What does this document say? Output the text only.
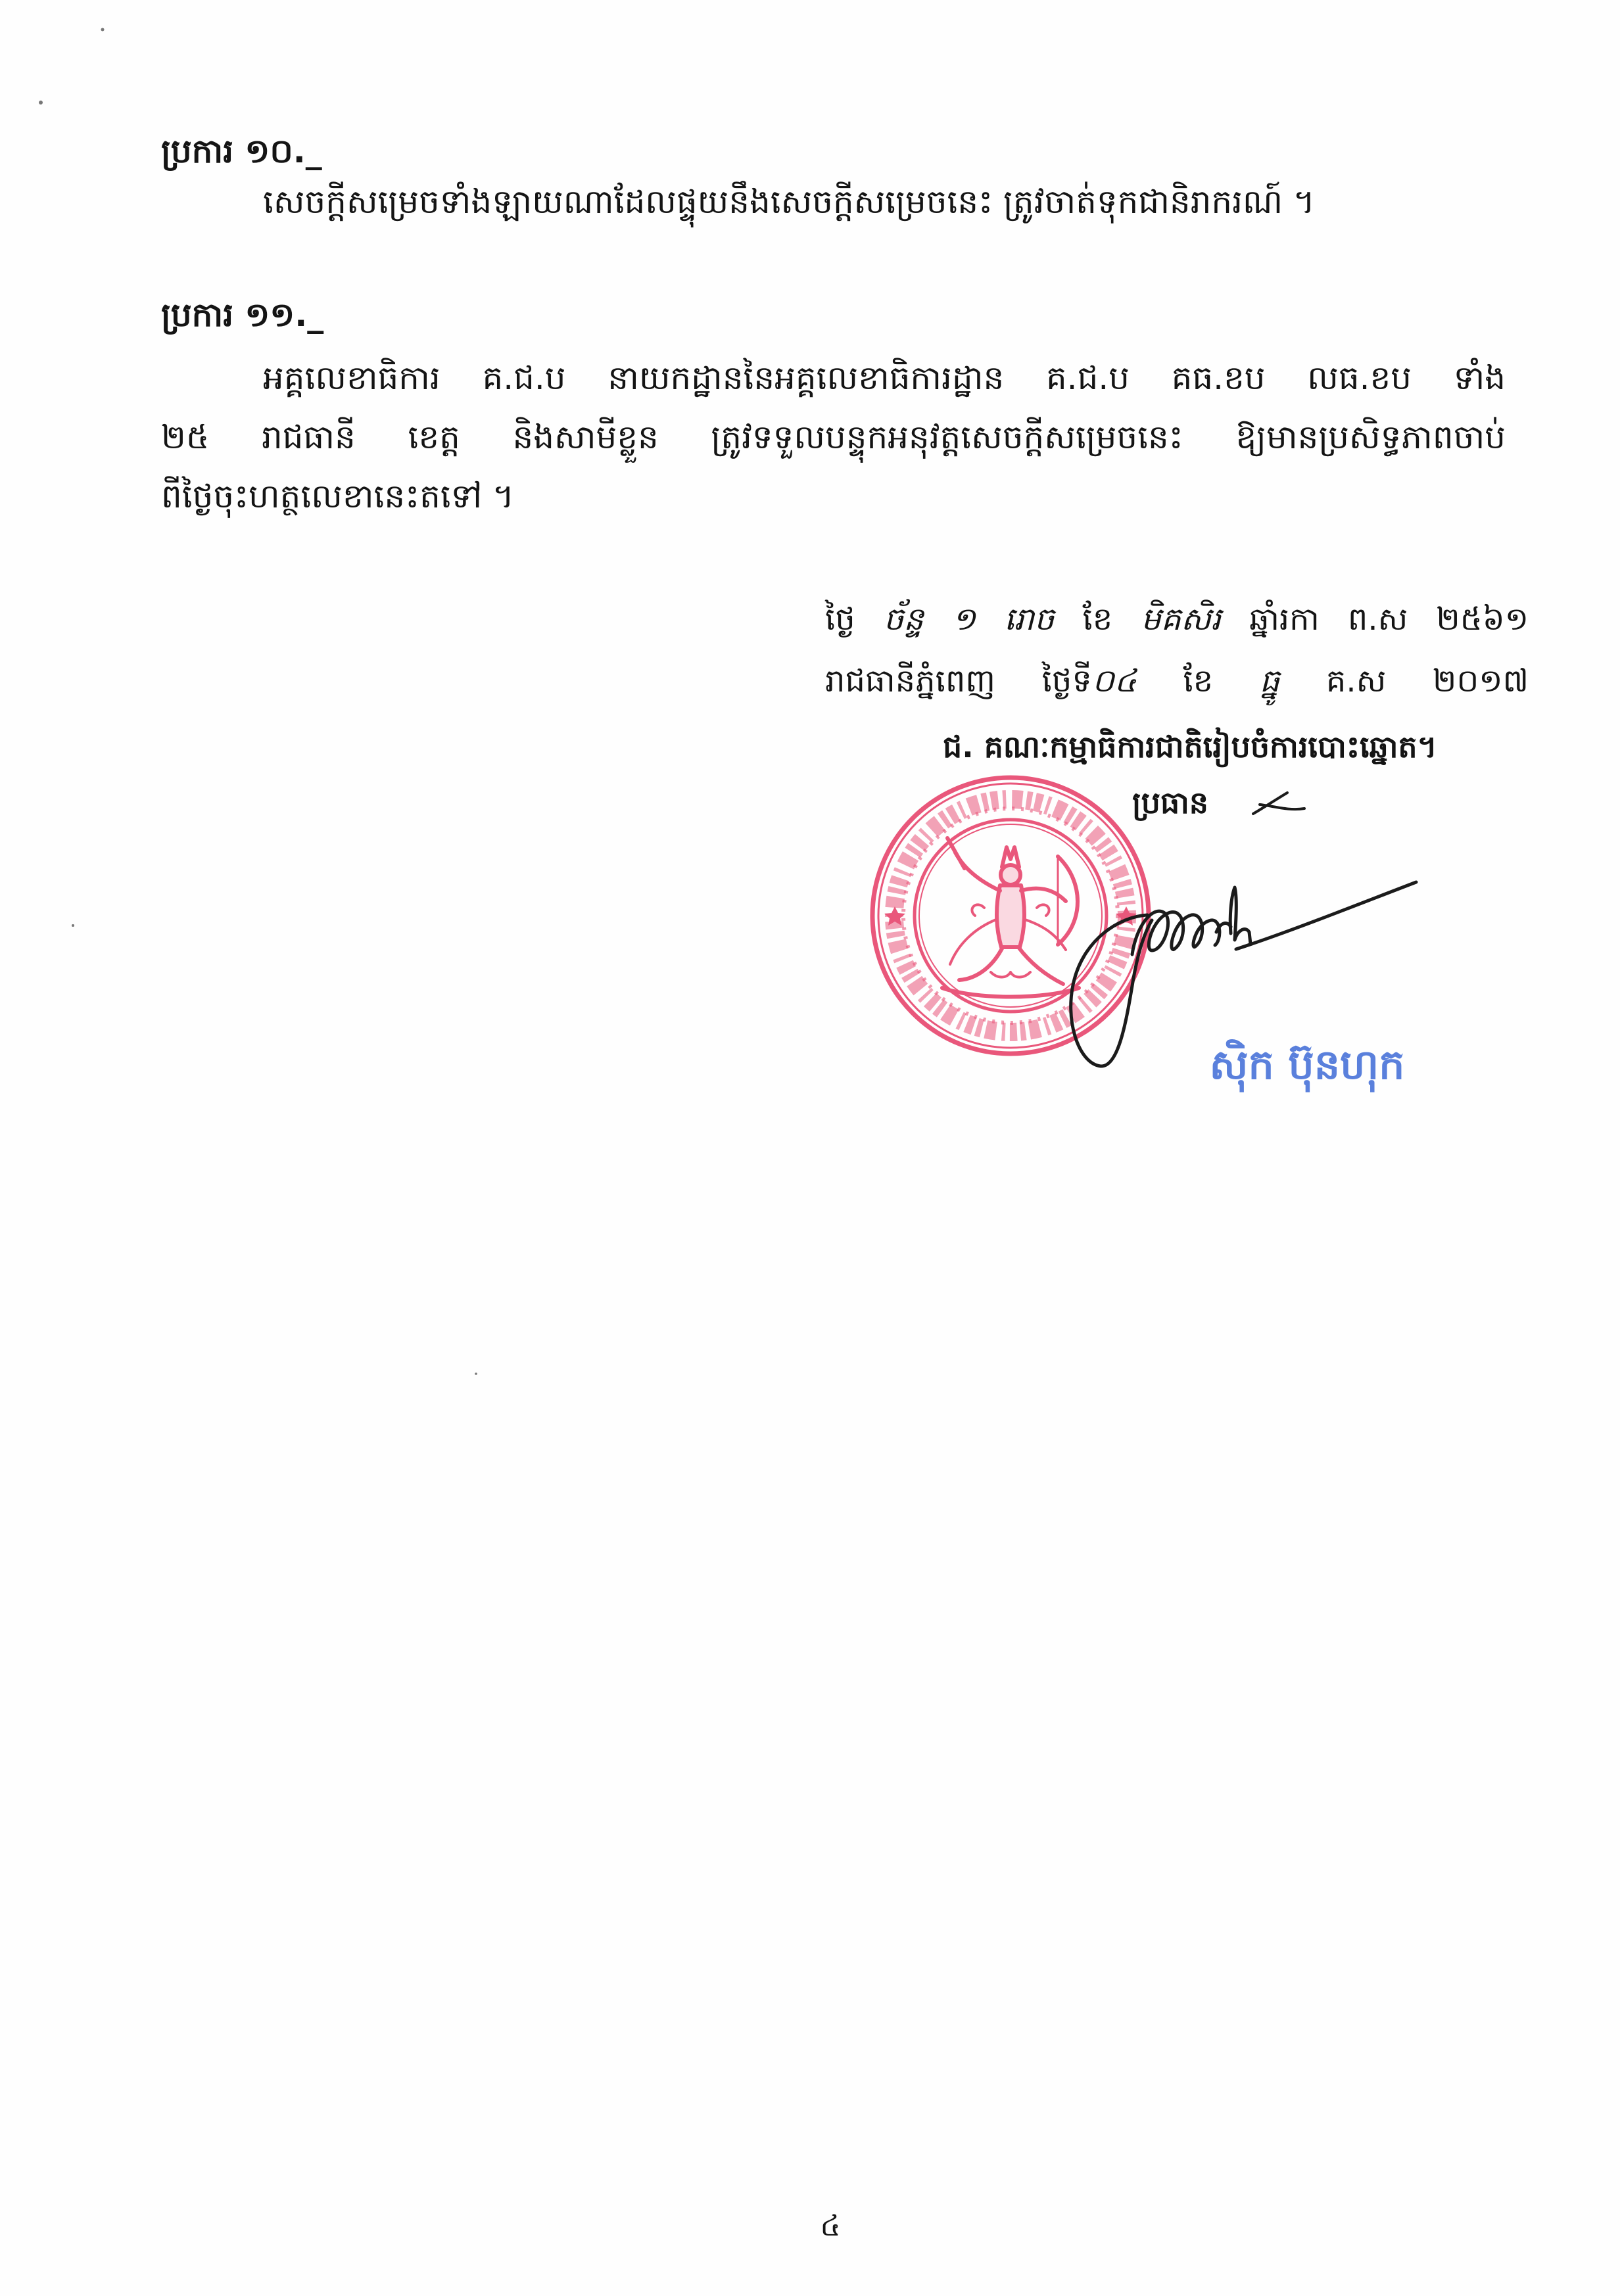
ប្រការ ១០._
សេចក្តីសម្រេចទាំងឡាយណាដែលផ្ទុយនឹងសេចក្តីសម្រេចនេះ ត្រូវចាត់ទុកជានិរាករណ៍ ។
ប្រការ ១១._
អគ្គលេខាធិការ គ.ជ.ប នាយកដ្ឋាននៃអគ្គលេខាធិការដ្ឋាន គ.ជ.ប គធ.ខប លធ.ខប ទាំង
២៥ រាជធានី ខេត្ត និងសាមីខ្លួន ត្រូវទទួលបន្ទុកអនុវត្តសេចក្តីសម្រេចនេះ ឱ្យមានប្រសិទ្ធភាពចាប់
ពីថ្ងៃចុះហត្ថលេខានេះតទៅ ។
ថ្ងៃ ច័ន្ទ ១ រោច ខែ មិគសិរ ឆ្នាំរកា ព.ស ២៥៦១
រាជធានីភ្នំពេញ ថ្ងៃទី០៤ ខែ ធ្នូ គ.ស ២០១៧
ជ. គណៈកម្មាធិការជាតិរៀបចំការបោះឆ្នោត។
ប្រធាន
ស៊ិក ប៊ុនហុក
៤
